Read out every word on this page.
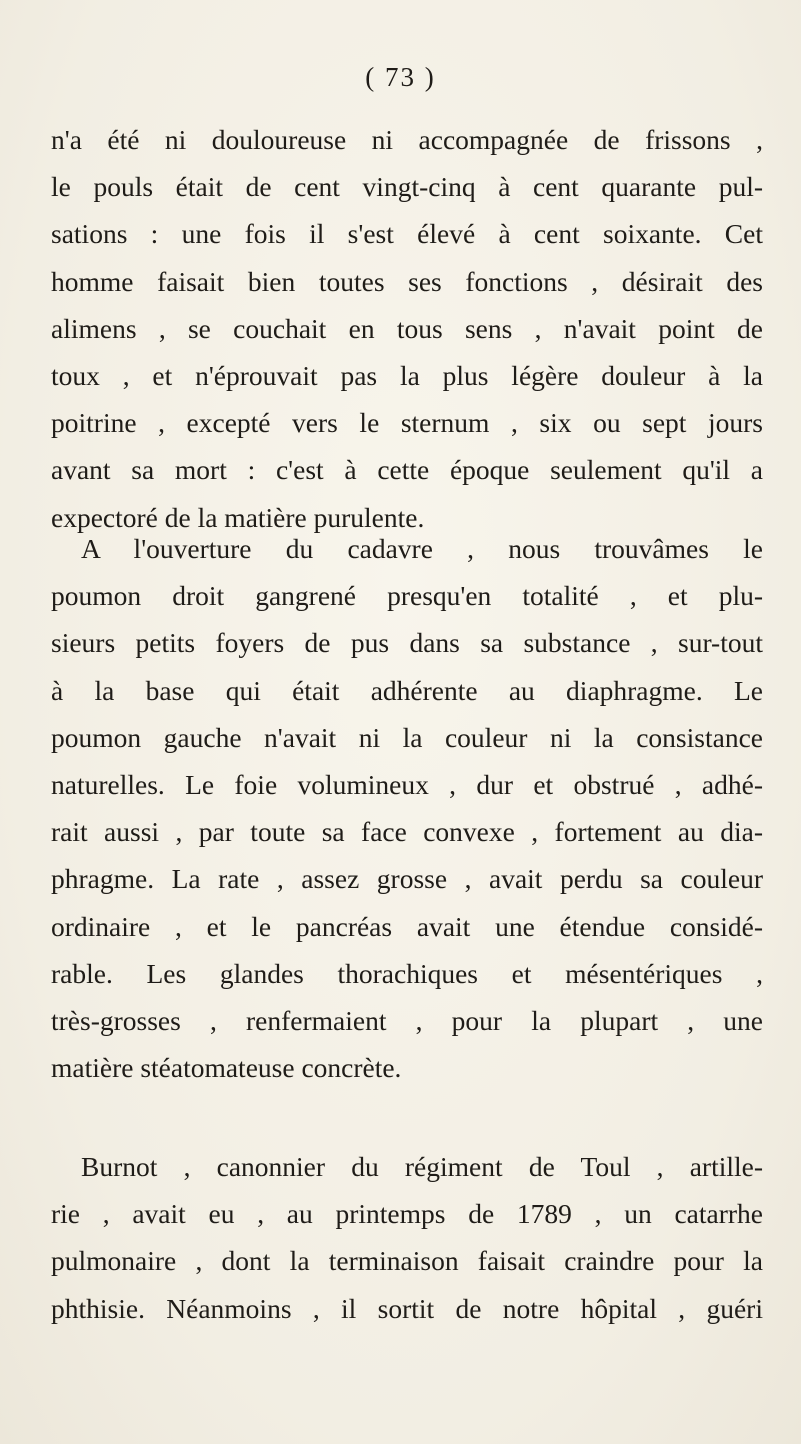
( 73 )
n'a été ni douloureuse ni accompagnée de frissons ,
le pouls était de cent vingt-cinq à cent quarante pul-
sations : une fois il s'est élevé à cent soixante. Cet
homme faisait bien toutes ses fonctions , désirait des
alimens , se couchait en tous sens , n'avait point de
toux , et n'éprouvait pas la plus légère douleur à la
poitrine , excepté vers le sternum , six ou sept jours
avant sa mort : c'est à cette époque seulement qu'il a
expectoré de la matière purulente.
A l'ouverture du cadavre , nous trouvâmes le
poumon droit gangrené presqu'en totalité , et plu-
sieurs petits foyers de pus dans sa substance , sur-tout
à la base qui était adhérente au diaphragme. Le
poumon gauche n'avait ni la couleur ni la consistance
naturelles. Le foie volumineux , dur et obstrué , adhé-
rait aussi , par toute sa face convexe , fortement au dia-
phragme. La rate , assez grosse , avait perdu sa couleur
ordinaire , et le pancréas avait une étendue considé-
rable. Les glandes thorachiques et mésentériques ,
très-grosses , renfermaient , pour la plupart , une
matière stéatomateuse concrète.
Burnot , canonnier du régiment de Toul , artille-
rie , avait eu , au printemps de 1789 , un catarrhe
pulmonaire , dont la terminaison faisait craindre pour la
phthisie. Néanmoins , il sortit de notre hôpital , guéri
